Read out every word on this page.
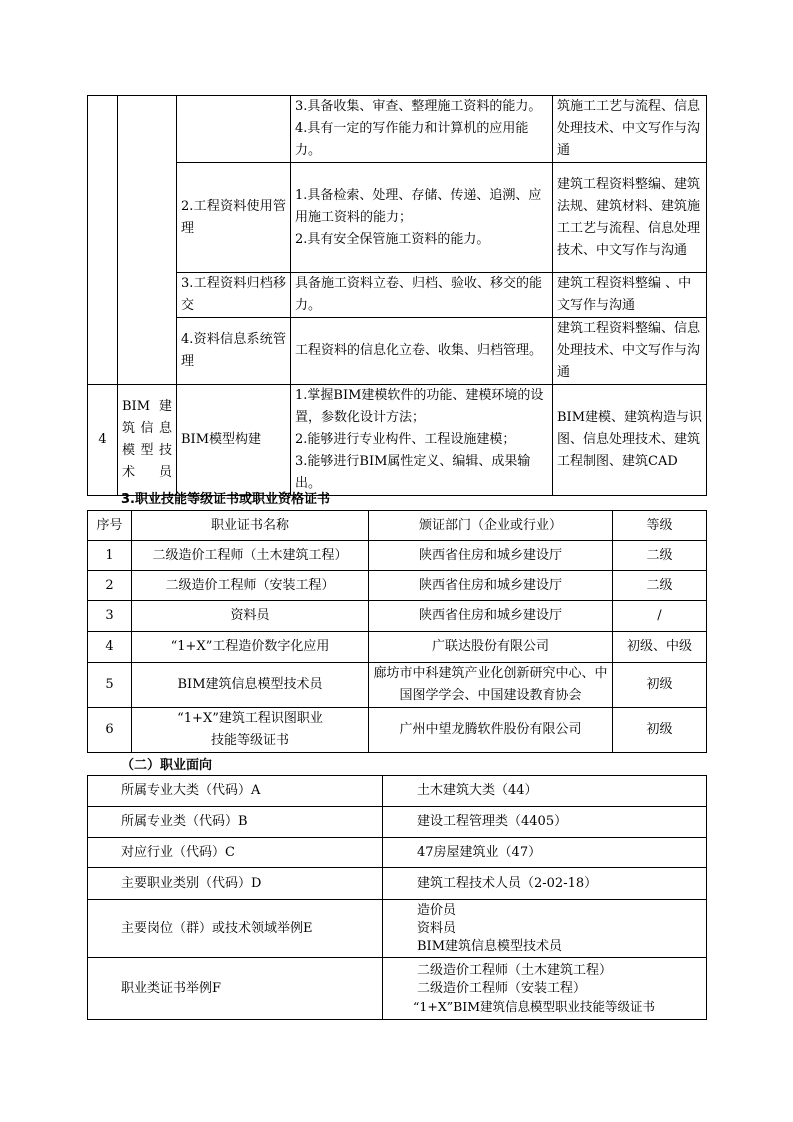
			3.具备收集、审查、整理施工资料的能力。
4.具有一定的写作能力和计算机的应用能力。	筑施工工艺与流程、信息处理技术、中文写作与沟通
		2.工程资料使用管理	1.具备检索、处理、存储、传递、追溯、应用施工资料的能力；
2.具有安全保管施工资料的能力。	建筑工程资料整编、建筑法规、建筑材料、建筑施工工艺与流程、信息处理技术、中文写作与沟通
		3.工程资料归档移交	具备施工资料立卷、归档、验收、移交的能力。	建筑工程资料整编 、中文写作与沟通
		4.资料信息系统管理	工程资料的信息化立卷、收集、归档管理。	建筑工程资料整编、信息处理技术、中文写作与沟通
4	BIM 建筑信息模型技术员	BIM模型构建	1.掌握BIM建模软件的功能、建模环境的设置，参数化设计方法；
2.能够进行专业构件、工程设施建模；
3.能够进行BIM属性定义、编辑、成果输出。	BIM建模、建筑构造与识图、信息处理技术、建筑工程制图、建筑CAD
3.职业技能等级证书或职业资格证书
序号	职业证书名称	颁证部门（企业或行业）	等级
1	二级造价工程师（土木建筑工程）	陕西省住房和城乡建设厅	二级
2	二级造价工程师（安装工程）	陕西省住房和城乡建设厅	二级
3	资料员	陕西省住房和城乡建设厅	/
4	“1+X”工程造价数字化应用	广联达股份有限公司	初级、中级
5	BIM建筑信息模型技术员	廊坊市中科建筑产业化创新研究中心、中国图学学会、中国建设教育协会	初级
6	“1+X”建筑工程识图职业技能等级证书	广州中望龙腾软件股份有限公司	初级
（二）职业面向
所属专业大类（代码）A	土木建筑大类（44）
所属专业类（代码）B	建设工程管理类（4405）
对应行业（代码）C	47房屋建筑业（47）
主要职业类别（代码）D	建筑工程技术人员（2-02-18）
主要岗位（群）或技术领域举例E	造价员
资料员
BIM建筑信息模型技术员

职业类证书举例F	二级造价工程师（土木建筑工程）
二级造价工程师（安装工程）
“1+X”BIM建筑信息模型职业技能等级证书
